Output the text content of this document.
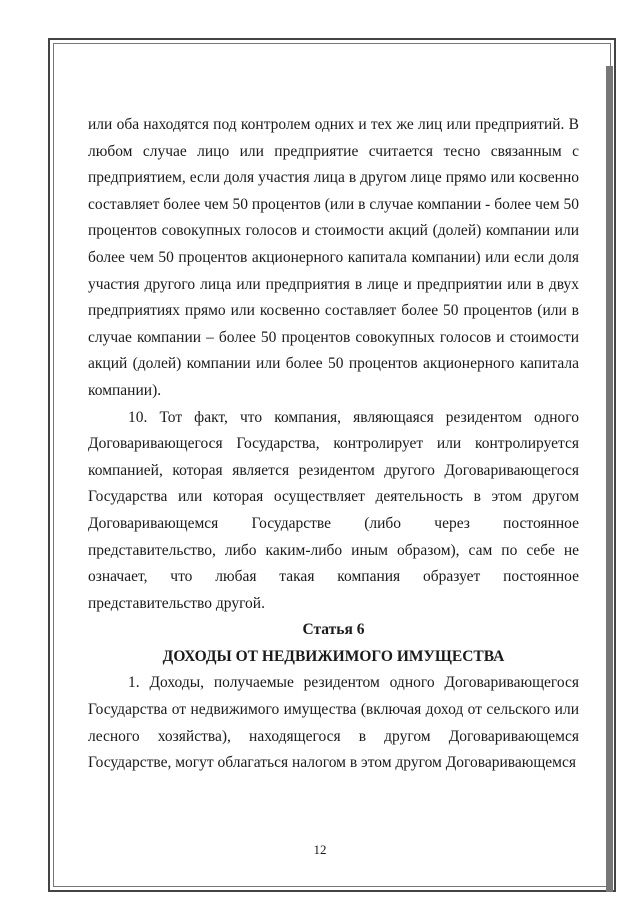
или оба находятся под контролем одних и тех же лиц или предприятий. В любом случае лицо или предприятие считается тесно связанным с предприятием, если доля участия лица в другом лице прямо или косвенно составляет более чем 50 процентов (или в случае компании - более чем 50 процентов совокупных голосов и стоимости акций (долей) компании или более чем 50 процентов акционерного капитала компании) или если доля участия другого лица или предприятия в лице и предприятии или в двух предприятиях прямо или косвенно составляет более 50 процентов (или в случае компании – более 50 процентов совокупных голосов и стоимости акций (долей) компании или более 50 процентов акционерного капитала компании).

10. Тот факт, что компания, являющаяся резидентом одного Договаривающегося Государства, контролирует или контролируется компанией, которая является резидентом другого Договаривающегося Государства или которая осуществляет деятельность в этом другом Договаривающемся Государстве (либо через постоянное представительство, либо каким-либо иным образом), сам по себе не означает, что любая такая компания образует постоянное представительство другой.

Статья 6

ДОХОДЫ ОТ НЕДВИЖИМОГО ИМУЩЕСТВА

1. Доходы, получаемые резидентом одного Договаривающегося Государства от недвижимого имущества (включая доход от сельского или лесного хозяйства), находящегося в другом Договаривающемся Государстве, могут облагаться налогом в этом другом Договаривающемся

12
